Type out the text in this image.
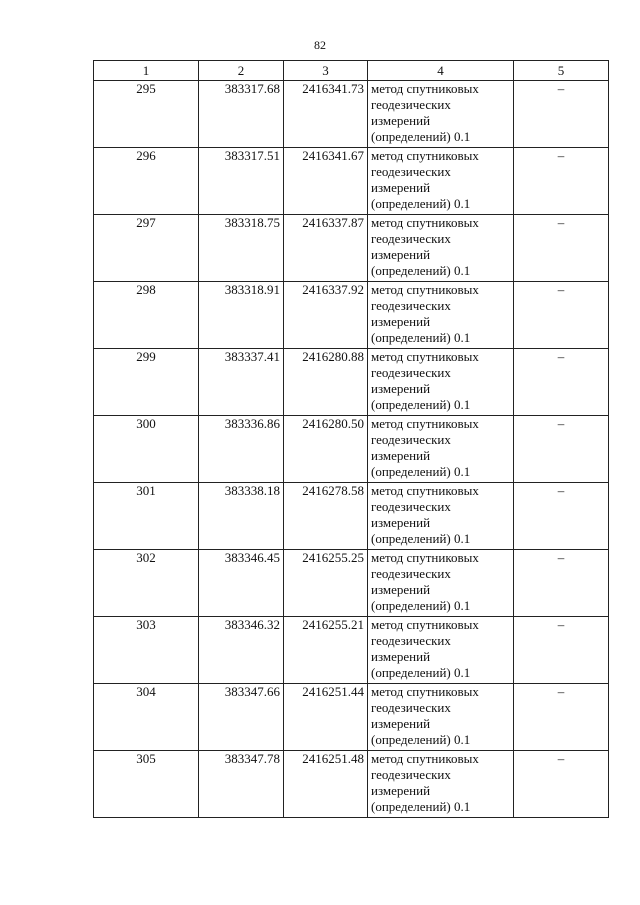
82
1	2	3	4	5
295	383317.68	2416341.73	метод спутниковых
геодезических
измерений
(определений) 0.1	–
296	383317.51	2416341.67	метод спутниковых
геодезических
измерений
(определений) 0.1	–
297	383318.75	2416337.87	метод спутниковых
геодезических
измерений
(определений) 0.1	–
298	383318.91	2416337.92	метод спутниковых
геодезических
измерений
(определений) 0.1	–
299	383337.41	2416280.88	метод спутниковых
геодезических
измерений
(определений) 0.1	–
300	383336.86	2416280.50	метод спутниковых
геодезических
измерений
(определений) 0.1	–
301	383338.18	2416278.58	метод спутниковых
геодезических
измерений
(определений) 0.1	–
302	383346.45	2416255.25	метод спутниковых
геодезических
измерений
(определений) 0.1	–
303	383346.32	2416255.21	метод спутниковых
геодезических
измерений
(определений) 0.1	–
304	383347.66	2416251.44	метод спутниковых
геодезических
измерений
(определений) 0.1	–
305	383347.78	2416251.48	метод спутниковых
геодезических
измерений
(определений) 0.1	–
